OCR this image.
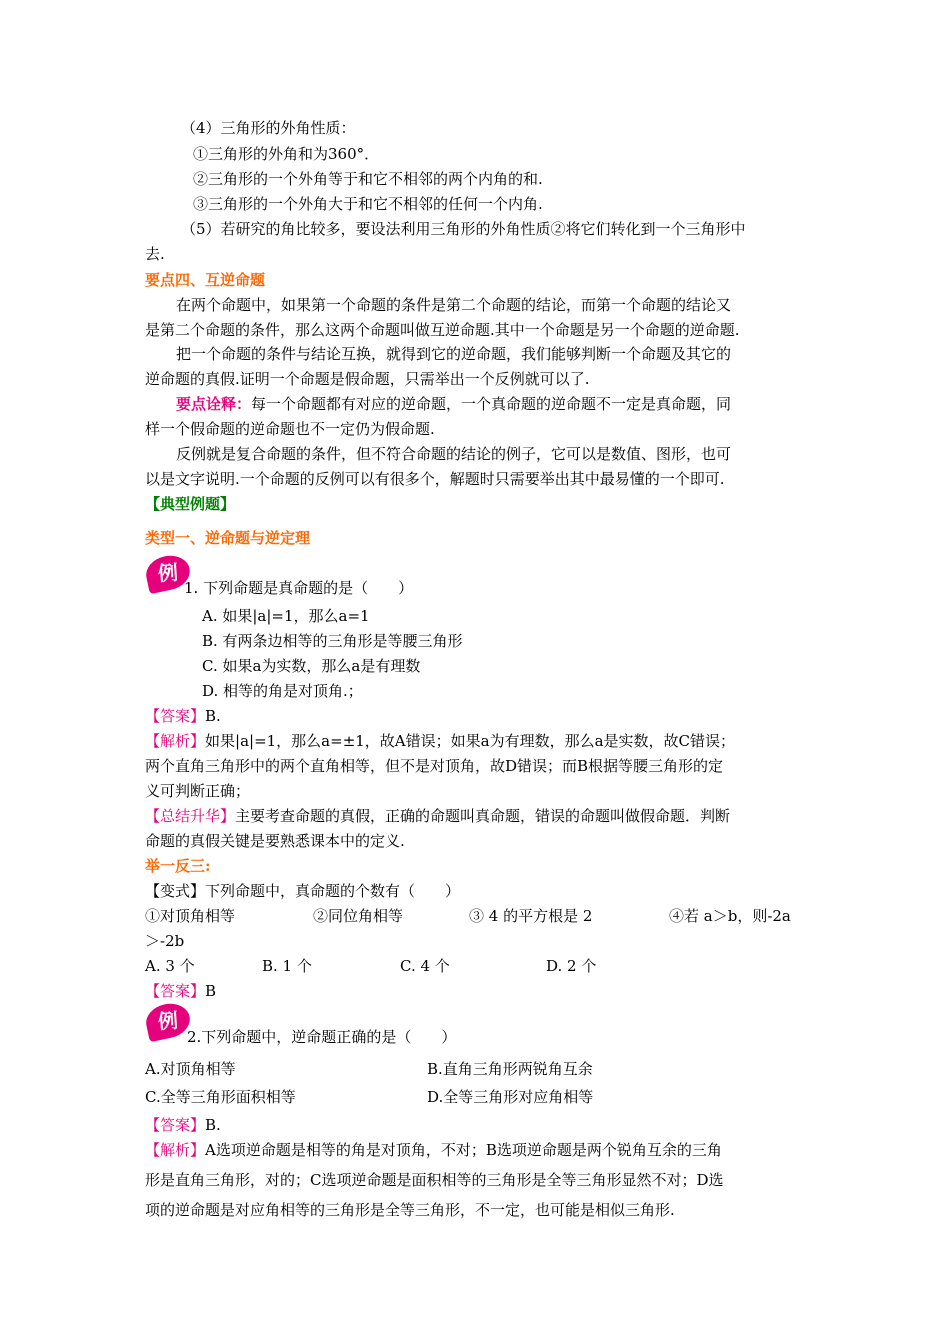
（4）三角形的外角性质：
①三角形的外角和为360°．
②三角形的一个外角等于和它不相邻的两个内角的和.
③三角形的一个外角大于和它不相邻的任何一个内角.
（5）若研究的角比较多，要设法利用三角形的外角性质②将它们转化到一个三角形中
去.
要点四、互逆命题
在两个命题中，如果第一个命题的条件是第二个命题的结论，而第一个命题的结论又
是第二个命题的条件，那么这两个命题叫做互逆命题.其中一个命题是另一个命题的逆命题.
把一个命题的条件与结论互换，就得到它的逆命题，我们能够判断一个命题及其它的
逆命题的真假.证明一个命题是假命题，只需举出一个反例就可以了.
要点诠释：每一个命题都有对应的逆命题，一个真命题的逆命题不一定是真命题，同
样一个假命题的逆命题也不一定仍为假命题.
反例就是复合命题的条件，但不符合命题的结论的例子，它可以是数值、图形，也可
以是文字说明.一个命题的反例可以有很多个，解题时只需要举出其中最易懂的一个即可.
【典型例题】
类型一、逆命题与逆定理
例
1. 下列命题是真命题的是（　　）
A. 如果|a|=1，那么a=1
B. 有两条边相等的三角形是等腰三角形
C. 如果a为实数，那么a是有理数
D. 相等的角是对顶角.；
【答案】B.
【解析】如果|a|=1，那么a=±1，故A错误；如果a为有理数，那么a是实数，故C错误；
两个直角三角形中的两个直角相等，但不是对顶角，故D错误；而B根据等腰三角形的定
义可判断正确；
【总结升华】主要考查命题的真假，正确的命题叫真命题，错误的命题叫做假命题．判断
命题的真假关键是要熟悉课本中的定义.
举一反三:
【变式】下列命题中，真命题的个数有（　　）
①对顶角相等	②同位角相等	③ 4 的平方根是 2	④若 a＞b，则-2a
＞-2b
A. 3 个	B. 1 个	C. 4 个	D. 2 个
【答案】B
例
2.下列命题中，逆命题正确的是（　　）
A.对顶角相等	B.直角三角形两锐角互余
C.全等三角形面积相等	D.全等三角形对应角相等
【答案】B.
【解析】A选项逆命题是相等的角是对顶角，不对；B选项逆命题是两个锐角互余的三角
形是直角三角形，对的；C选项逆命题是面积相等的三角形是全等三角形显然不对；D选
项的逆命题是对应角相等的三角形是全等三角形，不一定，也可能是相似三角形.
